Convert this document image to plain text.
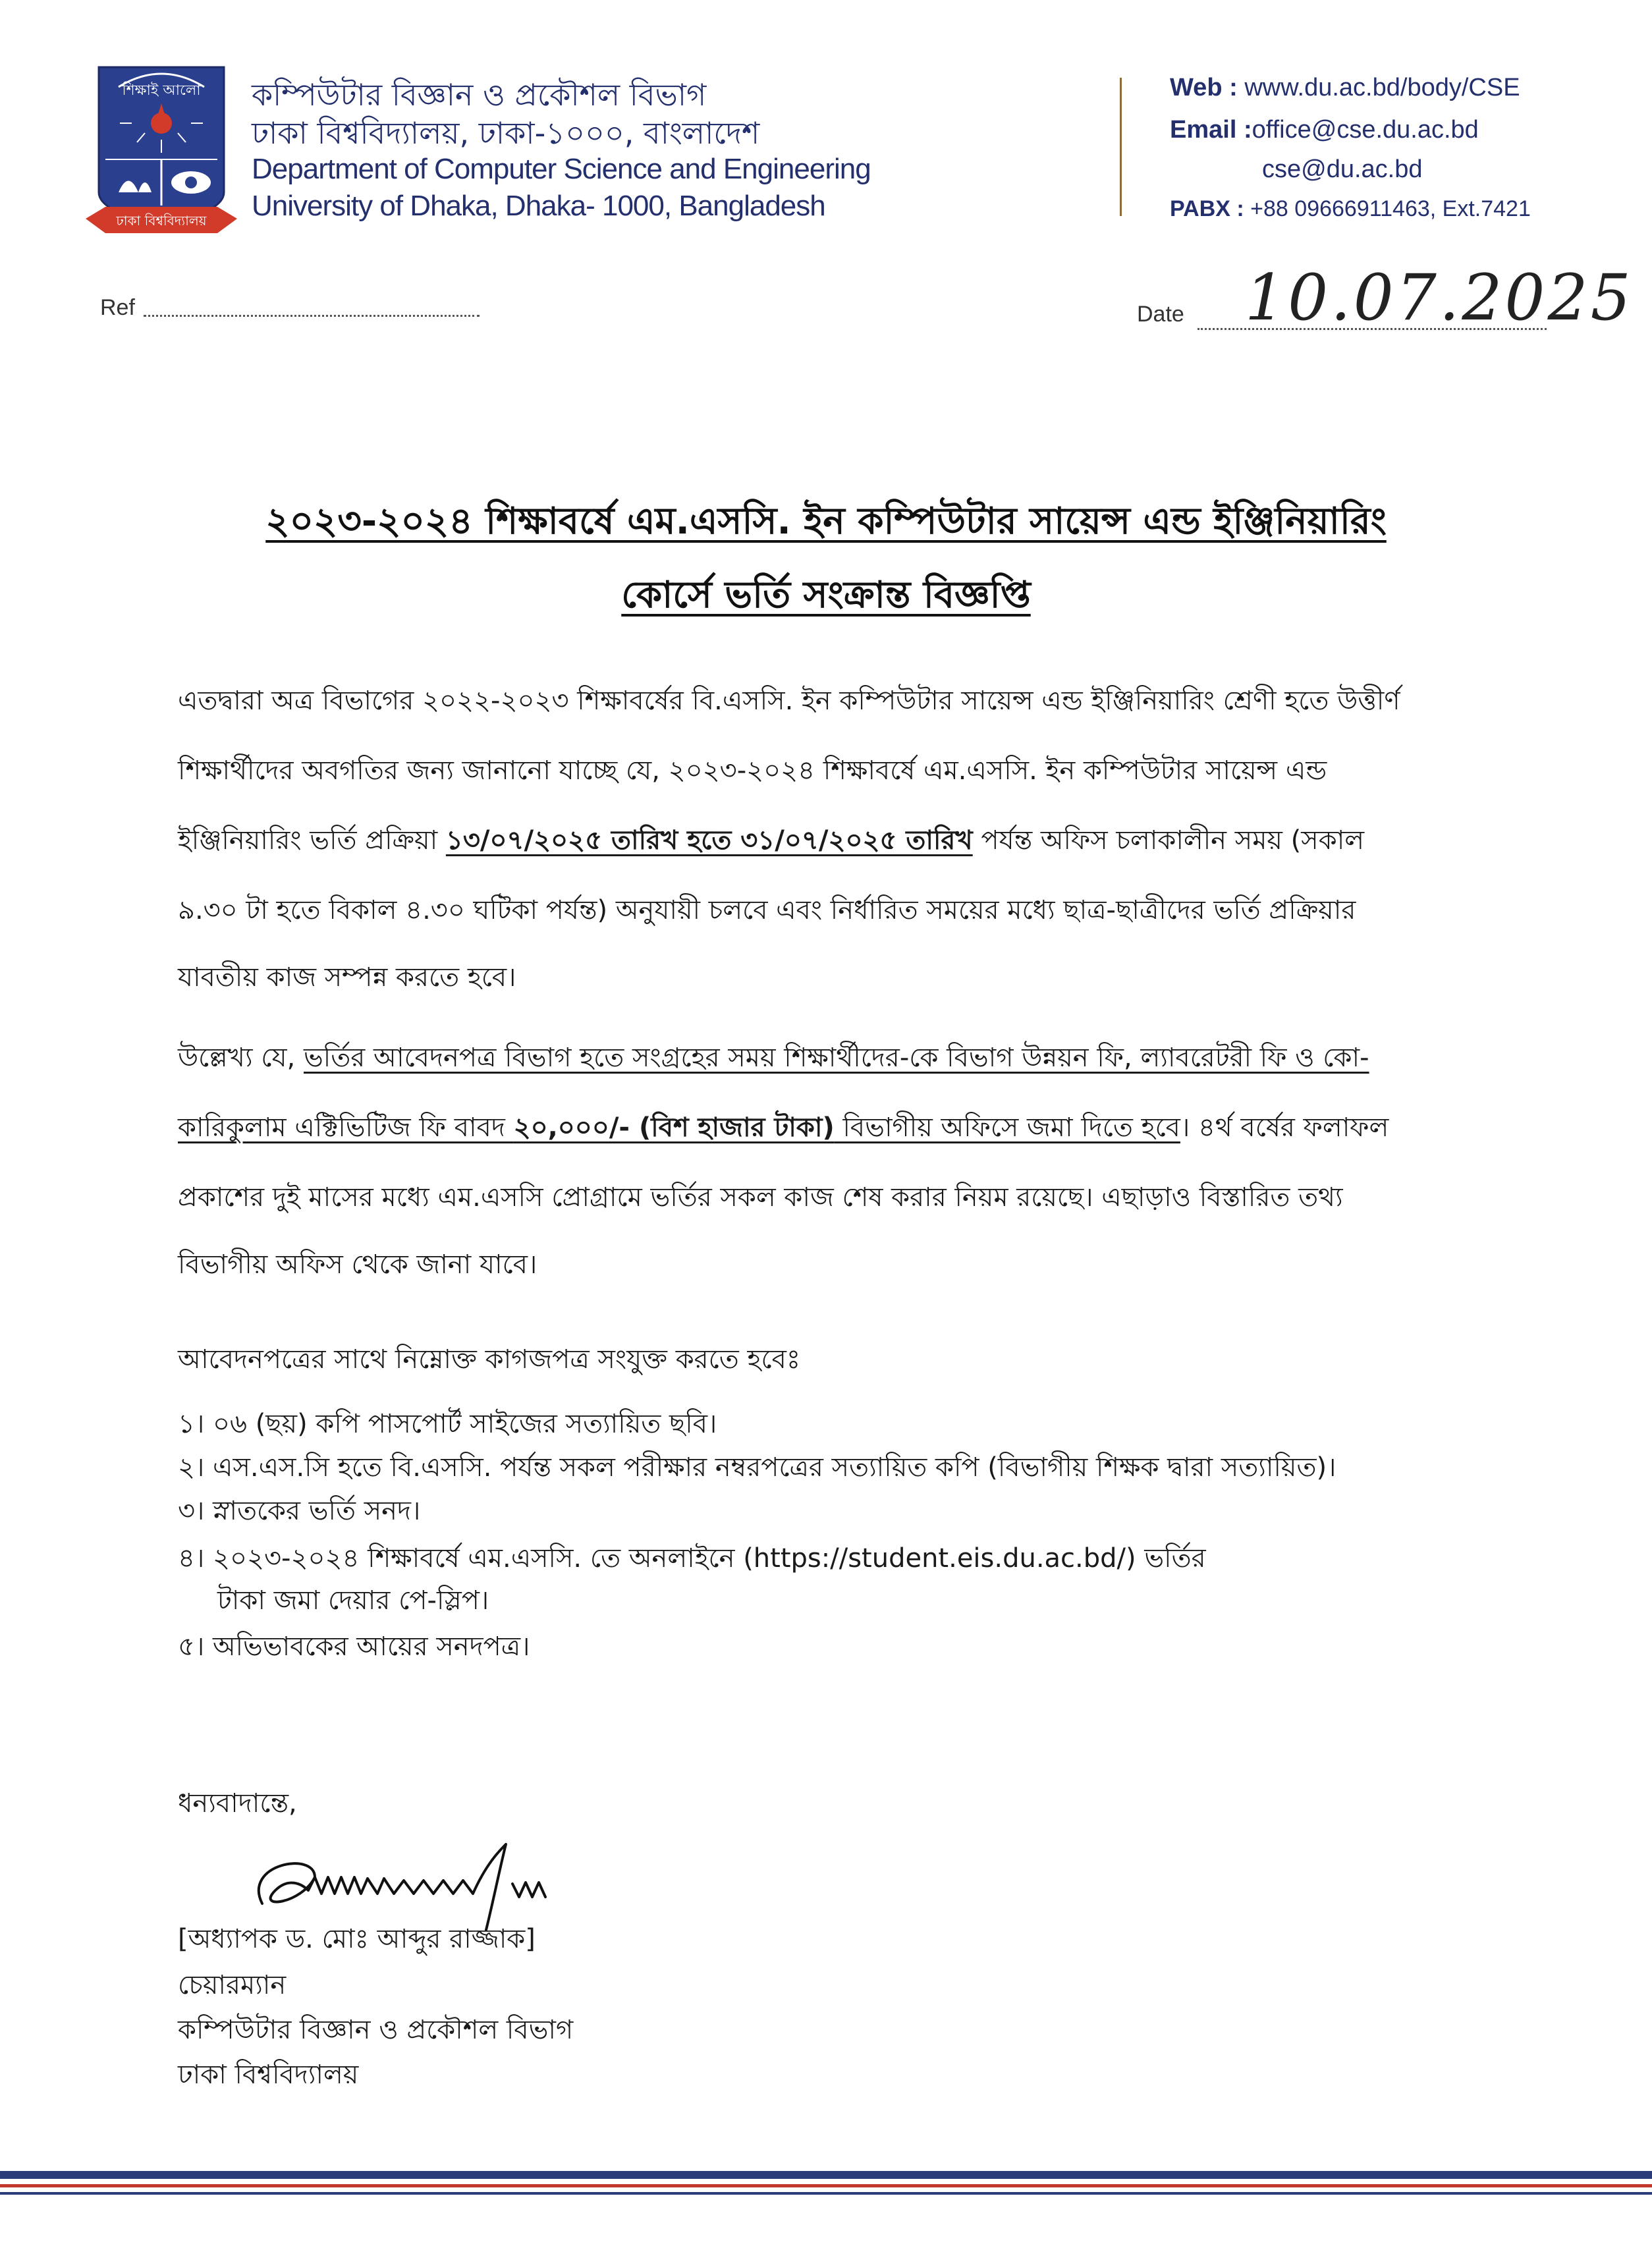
শিক্ষাই আলো
ঢাকা বিশ্ববিদ্যালয়
কম্পিউটার বিজ্ঞান ও প্রকৌশল বিভাগ
ঢাকা বিশ্ববিদ্যালয়, ঢাকা-১০০০, বাংলাদেশ
Department of Computer Science and Engineering
University of Dhaka, Dhaka- 1000, Bangladesh
Web : www.du.ac.bd/body/CSE
Email :office@cse.du.ac.bd
cse@du.ac.bd
PABX : +88 09666911463, Ext.7421
Ref	Date 10.07.2025
২০২৩-২০২৪ শিক্ষাবর্ষে এম.এসসি. ইন কম্পিউটার সায়েন্স এন্ড ইঞ্জিনিয়ারিং
কোর্সে ভর্তি সংক্রান্ত বিজ্ঞপ্তি
এতদ্বারা অত্র বিভাগের ২০২২-২০২৩ শিক্ষাবর্ষের বি.এসসি. ইন কম্পিউটার সায়েন্স এন্ড ইঞ্জিনিয়ারিং শ্রেণী হতে উত্তীর্ণ
শিক্ষার্থীদের অবগতির জন্য জানানো যাচ্ছে যে, ২০২৩-২০২৪ শিক্ষাবর্ষে এম.এসসি. ইন কম্পিউটার সায়েন্স এন্ড
ইঞ্জিনিয়ারিং ভর্তি প্রক্রিয়া ১৩/০৭/২০২৫ তারিখ হতে ৩১/০৭/২০২৫ তারিখ পর্যন্ত অফিস চলাকালীন সময় (সকাল
৯.৩০ টা হতে বিকাল ৪.৩০ ঘটিকা পর্যন্ত) অনুযায়ী চলবে এবং নির্ধারিত সময়ের মধ্যে ছাত্র-ছাত্রীদের ভর্তি প্রক্রিয়ার
যাবতীয় কাজ সম্পন্ন করতে হবে।
উল্লেখ্য যে, ভর্তির আবেদনপত্র বিভাগ হতে সংগ্রহের সময় শিক্ষার্থীদের-কে বিভাগ উন্নয়ন ফি, ল্যাবরেটরী ফি ও কো-
কারিকুলাম এক্টিভিটিজ ফি বাবদ ২০,০০০/- (বিশ হাজার টাকা) বিভাগীয় অফিসে জমা দিতে হবে। ৪র্থ বর্ষের ফলাফল
প্রকাশের দুই মাসের মধ্যে এম.এসসি প্রোগ্রামে ভর্তির সকল কাজ শেষ করার নিয়ম রয়েছে। এছাড়াও বিস্তারিত তথ্য
বিভাগীয় অফিস থেকে জানা যাবে।
আবেদনপত্রের সাথে নিম্নোক্ত কাগজপত্র সংযুক্ত করতে হবেঃ
১। ০৬ (ছয়) কপি পাসপোর্ট সাইজের সত্যায়িত ছবি।
২। এস.এস.সি হতে বি.এসসি. পর্যন্ত সকল পরীক্ষার নম্বরপত্রের সত্যায়িত কপি (বিভাগীয় শিক্ষক দ্বারা সত্যায়িত)।
৩। স্নাতকের ভর্তি সনদ।
৪। ২০২৩-২০২৪ শিক্ষাবর্ষে এম.এসসি. তে অনলাইনে (https://student.eis.du.ac.bd/) ভর্তির
টাকা জমা দেয়ার পে-স্লিপ।
৫। অভিভাবকের আয়ের সনদপত্র।
ধন্যবাদান্তে,
[অধ্যাপক ড. মোঃ আব্দুর রাজ্জাক]
চেয়ারম্যান
কম্পিউটার বিজ্ঞান ও প্রকৌশল বিভাগ
ঢাকা বিশ্ববিদ্যালয়
